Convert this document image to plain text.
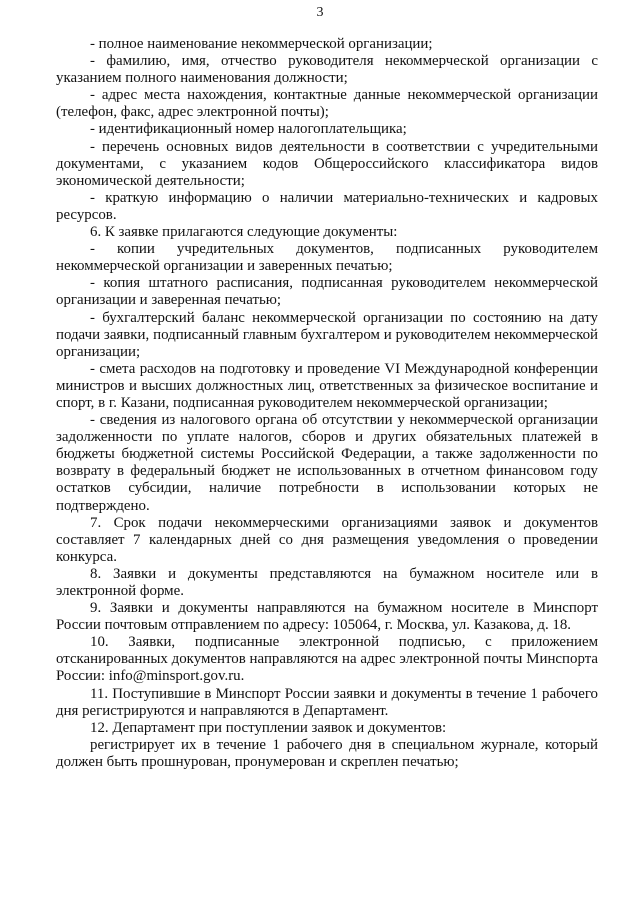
3

- полное наименование некоммерческой организации;

- фамилию, имя, отчество руководителя некоммерческой организации с указанием полного наименования должности;

- адрес места нахождения, контактные данные некоммерческой организации (телефон, факс, адрес электронной почты);

- идентификационный номер налогоплательщика;

- перечень основных видов деятельности в соответствии с учредительными документами, с указанием кодов Общероссийского классификатора видов экономической деятельности;

- краткую информацию о наличии материально-технических и кадровых ресурсов.

6. К заявке прилагаются следующие документы:

- копии учредительных документов, подписанных руководителем некоммерческой организации и заверенных печатью;

- копия штатного расписания, подписанная руководителем некоммерческой организации и заверенная печатью;

- бухгалтерский баланс некоммерческой организации по состоянию на дату подачи заявки, подписанный главным бухгалтером и руководителем некоммерческой организации;

- смета расходов на подготовку и проведение VI Международной конференции министров и высших должностных лиц, ответственных за физическое воспитание и спорт, в г. Казани, подписанная руководителем некоммерческой организации;

- сведения из налогового органа об отсутствии у некоммерческой организации задолженности по уплате налогов, сборов и других обязательных платежей в бюджеты бюджетной системы Российской Федерации, а также задолженности по возврату в федеральный бюджет не использованных в отчетном финансовом году остатков субсидии, наличие потребности в использовании которых не подтверждено.

7. Срок подачи некоммерческими организациями заявок и документов составляет 7 календарных дней со дня размещения уведомления о проведении конкурса.

8. Заявки и документы представляются на бумажном носителе или в электронной форме.

9. Заявки и документы направляются на бумажном носителе в Минспорт России почтовым отправлением по адресу: 105064, г. Москва, ул. Казакова, д. 18.

10. Заявки, подписанные электронной подписью, с приложением отсканированных документов направляются на адрес электронной почты Минспорта России: info@minsport.gov.ru.

11. Поступившие в Минспорт России заявки и документы в течение 1 рабочего дня регистрируются и направляются в Департамент.

12. Департамент при поступлении заявок и документов:

регистрирует их в течение 1 рабочего дня в специальном журнале, который должен быть прошнурован, пронумерован и скреплен печатью;
